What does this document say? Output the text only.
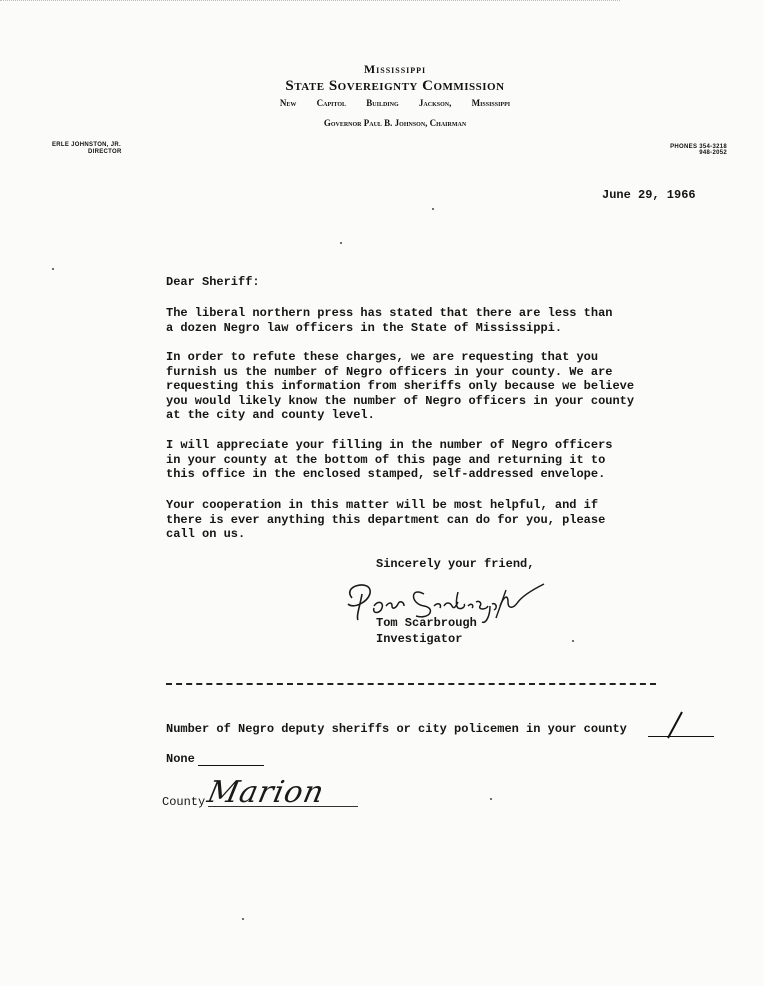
Mississippi
State Sovereignty Commission
New Capitol Building Jackson, Mississippi
Governor Paul B. Johnson, Chairman
ERLE JOHNSTON, JR.
DIRECTOR
PHONES 354-3218
948-2052
June 29, 1966
Dear Sheriff:
The liberal northern press has stated that there are less than
a dozen Negro law officers in the State of Mississippi.
In order to refute these charges, we are requesting that you
furnish us the number of Negro officers in your county. We are
requesting this information from sheriffs only because we believe
you would likely know the number of Negro officers in your county
at the city and county level.
I will appreciate your filling in the number of Negro officers
in your county at the bottom of this page and returning it to
this office in the enclosed stamped, self-addressed envelope.
Your cooperation in this matter will be most helpful, and if
there is ever anything this department can do for you, please
call on us.
Sincerely your friend,
Tom Scarbrough
Investigator
Number of Negro deputy sheriffs or city policemen in your county
None
County Marion
